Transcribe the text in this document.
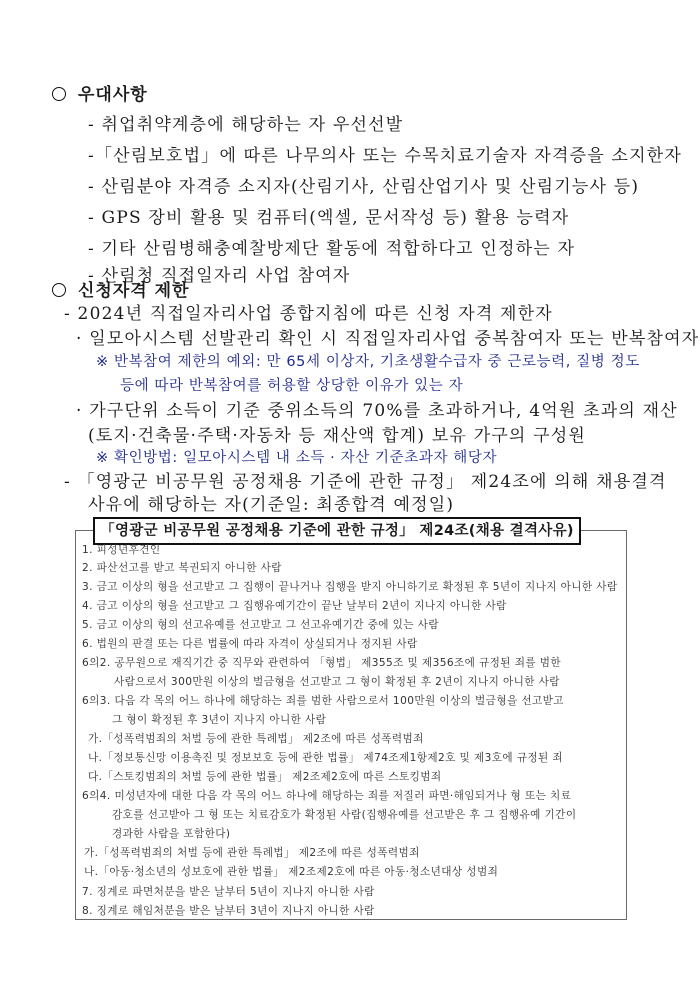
우대사항
- 취업취약계층에 해당하는 자 우선선발
-「산림보호법」에 따른 나무의사 또는 수목치료기술자 자격증을 소지한자
- 산림분야 자격증 소지자(산림기사, 산림산업기사 및 산림기능사 등)
- GPS 장비 활용 및 컴퓨터(엑셀, 문서작성 등) 활용 능력자
- 기타 산림병해충예찰방제단 활동에 적합하다고 인정하는 자
- 산림청 직접일자리 사업 참여자
신청자격 제한
- 2024년 직접일자리사업 종합지침에 따른 신청 자격 제한자
· 일모아시스템 선발관리 확인 시 직접일자리사업 중복참여자 또는 반복참여자
※ 반복참여 제한의 예외: 만 65세 이상자, 기초생활수급자 중 근로능력, 질병 정도
등에 따라 반복참여를 허용할 상당한 이유가 있는 자
· 가구단위 소득이 기준 중위소득의 70%를 초과하거나, 4억원 초과의 재산
(토지·건축물·주택·자동차 등 재산액 합계) 보유 가구의 구성원
※ 확인방법: 일모아시스템 내 소득 · 자산 기준초과자 해당자
- 「영광군 비공무원 공정채용 기준에 관한 규정」 제24조에 의해 채용결격
사유에 해당하는 자(기준일: 최종합격 예정일)
「영광군 비공무원 공정채용 기준에 관한 규정」 제24조(채용 결격사유)
1. 피성년후견인
2. 파산선고를 받고 복권되지 아니한 사람
3. 금고 이상의 형을 선고받고 그 집행이 끝나거나 집행을 받지 아니하기로 확정된 후 5년이 지나지 아니한 사람
4. 금고 이상의 형을 선고받고 그 집행유예기간이 끝난 날부터 2년이 지나지 아니한 사람
5. 금고 이상의 형의 선고유예를 선고받고 그 선고유예기간 중에 있는 사람
6. 법원의 판결 또는 다른 법률에 따라 자격이 상실되거나 정지된 사람
6의2. 공무원으로 재직기간 중 직무와 관련하여 「형법」 제355조 및 제356조에 규정된 죄를 범한
사람으로서 300만원 이상의 벌금형을 선고받고 그 형이 확정된 후 2년이 지나지 아니한 사람
6의3. 다음 각 목의 어느 하나에 해당하는 죄를 범한 사람으로서 100만원 이상의 벌금형을 선고받고
그 형이 확정된 후 3년이 지나지 아니한 사람
가.「성폭력범죄의 처벌 등에 관한 특례법」 제2조에 따른 성폭력범죄
나.「정보통신망 이용촉진 및 정보보호 등에 관한 법률」 제74조제1항제2호 및 제3호에 규정된 죄
다.「스토킹범죄의 처벌 등에 관한 법률」 제2조제2호에 따른 스토킹범죄
6의4. 미성년자에 대한 다음 각 목의 어느 하나에 해당하는 죄를 저질러 파면·해임되거나 형 또는 치료
감호를 선고받아 그 형 또는 치료감호가 확정된 사람(집행유예를 선고받은 후 그 집행유예 기간이
경과한 사람을 포함한다)
가.「성폭력범죄의 처벌 등에 관한 특례법」 제2조에 따른 성폭력범죄
나.「아동·청소년의 성보호에 관한 법률」 제2조제2호에 따른 아동·청소년대상 성범죄
7. 징계로 파면처분을 받은 날부터 5년이 지나지 아니한 사람
8. 징계로 해임처분을 받은 날부터 3년이 지나지 아니한 사람
